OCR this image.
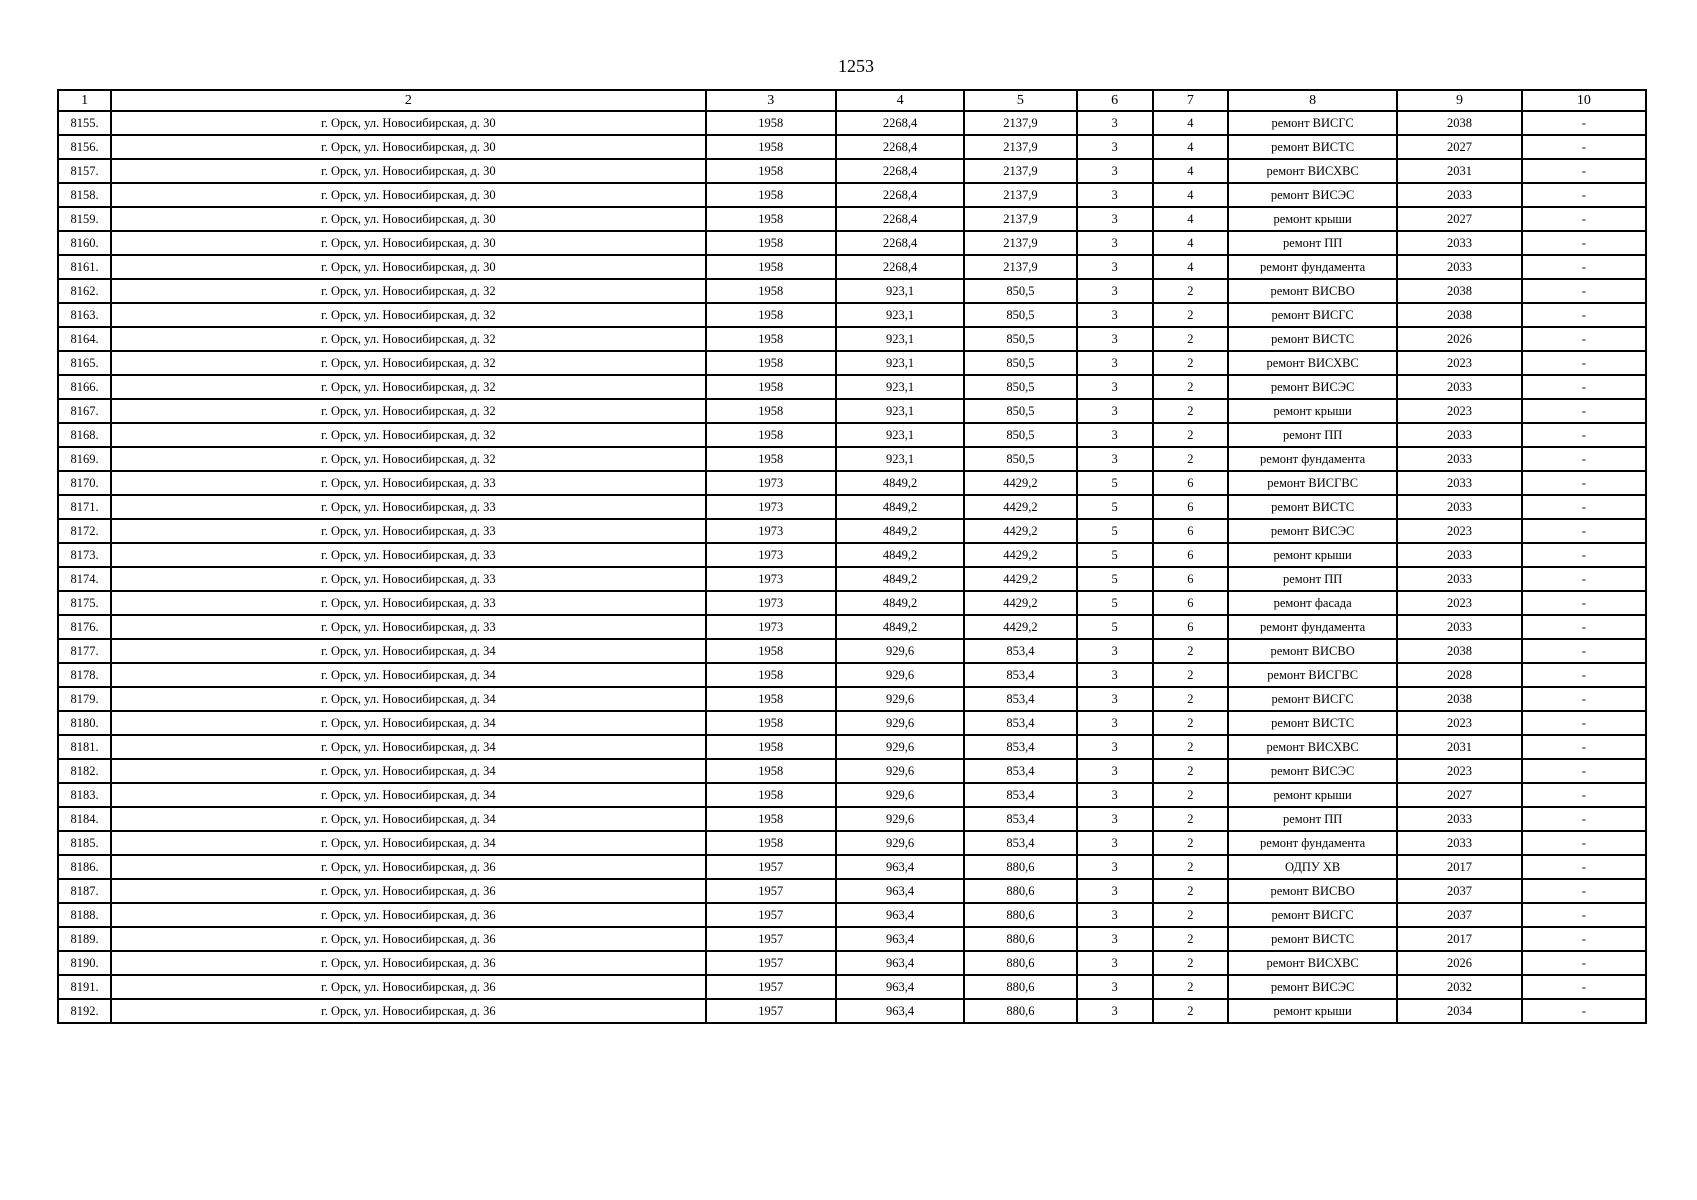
1253
1	2	3	4	5	6	7	8	9	10
8155.	г. Орск, ул. Новосибирская, д. 30	1958	2268,4	2137,9	3	4	ремонт ВИСГС	2038	-
8156.	г. Орск, ул. Новосибирская, д. 30	1958	2268,4	2137,9	3	4	ремонт ВИСТС	2027	-
8157.	г. Орск, ул. Новосибирская, д. 30	1958	2268,4	2137,9	3	4	ремонт ВИСХВС	2031	-
8158.	г. Орск, ул. Новосибирская, д. 30	1958	2268,4	2137,9	3	4	ремонт ВИСЭС	2033	-
8159.	г. Орск, ул. Новосибирская, д. 30	1958	2268,4	2137,9	3	4	ремонт крыши	2027	-
8160.	г. Орск, ул. Новосибирская, д. 30	1958	2268,4	2137,9	3	4	ремонт ПП	2033	-
8161.	г. Орск, ул. Новосибирская, д. 30	1958	2268,4	2137,9	3	4	ремонт фундамента	2033	-
8162.	г. Орск, ул. Новосибирская, д. 32	1958	923,1	850,5	3	2	ремонт ВИСВО	2038	-
8163.	г. Орск, ул. Новосибирская, д. 32	1958	923,1	850,5	3	2	ремонт ВИСГС	2038	-
8164.	г. Орск, ул. Новосибирская, д. 32	1958	923,1	850,5	3	2	ремонт ВИСТС	2026	-
8165.	г. Орск, ул. Новосибирская, д. 32	1958	923,1	850,5	3	2	ремонт ВИСХВС	2023	-
8166.	г. Орск, ул. Новосибирская, д. 32	1958	923,1	850,5	3	2	ремонт ВИСЭС	2033	-
8167.	г. Орск, ул. Новосибирская, д. 32	1958	923,1	850,5	3	2	ремонт крыши	2023	-
8168.	г. Орск, ул. Новосибирская, д. 32	1958	923,1	850,5	3	2	ремонт ПП	2033	-
8169.	г. Орск, ул. Новосибирская, д. 32	1958	923,1	850,5	3	2	ремонт фундамента	2033	-
8170.	г. Орск, ул. Новосибирская, д. 33	1973	4849,2	4429,2	5	6	ремонт ВИСГВС	2033	-
8171.	г. Орск, ул. Новосибирская, д. 33	1973	4849,2	4429,2	5	6	ремонт ВИСТС	2033	-
8172.	г. Орск, ул. Новосибирская, д. 33	1973	4849,2	4429,2	5	6	ремонт ВИСЭС	2023	-
8173.	г. Орск, ул. Новосибирская, д. 33	1973	4849,2	4429,2	5	6	ремонт крыши	2033	-
8174.	г. Орск, ул. Новосибирская, д. 33	1973	4849,2	4429,2	5	6	ремонт ПП	2033	-
8175.	г. Орск, ул. Новосибирская, д. 33	1973	4849,2	4429,2	5	6	ремонт фасада	2023	-
8176.	г. Орск, ул. Новосибирская, д. 33	1973	4849,2	4429,2	5	6	ремонт фундамента	2033	-
8177.	г. Орск, ул. Новосибирская, д. 34	1958	929,6	853,4	3	2	ремонт ВИСВО	2038	-
8178.	г. Орск, ул. Новосибирская, д. 34	1958	929,6	853,4	3	2	ремонт ВИСГВС	2028	-
8179.	г. Орск, ул. Новосибирская, д. 34	1958	929,6	853,4	3	2	ремонт ВИСГС	2038	-
8180.	г. Орск, ул. Новосибирская, д. 34	1958	929,6	853,4	3	2	ремонт ВИСТС	2023	-
8181.	г. Орск, ул. Новосибирская, д. 34	1958	929,6	853,4	3	2	ремонт ВИСХВС	2031	-
8182.	г. Орск, ул. Новосибирская, д. 34	1958	929,6	853,4	3	2	ремонт ВИСЭС	2023	-
8183.	г. Орск, ул. Новосибирская, д. 34	1958	929,6	853,4	3	2	ремонт крыши	2027	-
8184.	г. Орск, ул. Новосибирская, д. 34	1958	929,6	853,4	3	2	ремонт ПП	2033	-
8185.	г. Орск, ул. Новосибирская, д. 34	1958	929,6	853,4	3	2	ремонт фундамента	2033	-
8186.	г. Орск, ул. Новосибирская, д. 36	1957	963,4	880,6	3	2	ОДПУ ХВ	2017	-
8187.	г. Орск, ул. Новосибирская, д. 36	1957	963,4	880,6	3	2	ремонт ВИСВО	2037	-
8188.	г. Орск, ул. Новосибирская, д. 36	1957	963,4	880,6	3	2	ремонт ВИСГС	2037	-
8189.	г. Орск, ул. Новосибирская, д. 36	1957	963,4	880,6	3	2	ремонт ВИСТС	2017	-
8190.	г. Орск, ул. Новосибирская, д. 36	1957	963,4	880,6	3	2	ремонт ВИСХВС	2026	-
8191.	г. Орск, ул. Новосибирская, д. 36	1957	963,4	880,6	3	2	ремонт ВИСЭС	2032	-
8192.	г. Орск, ул. Новосибирская, д. 36	1957	963,4	880,6	3	2	ремонт крыши	2034	-
